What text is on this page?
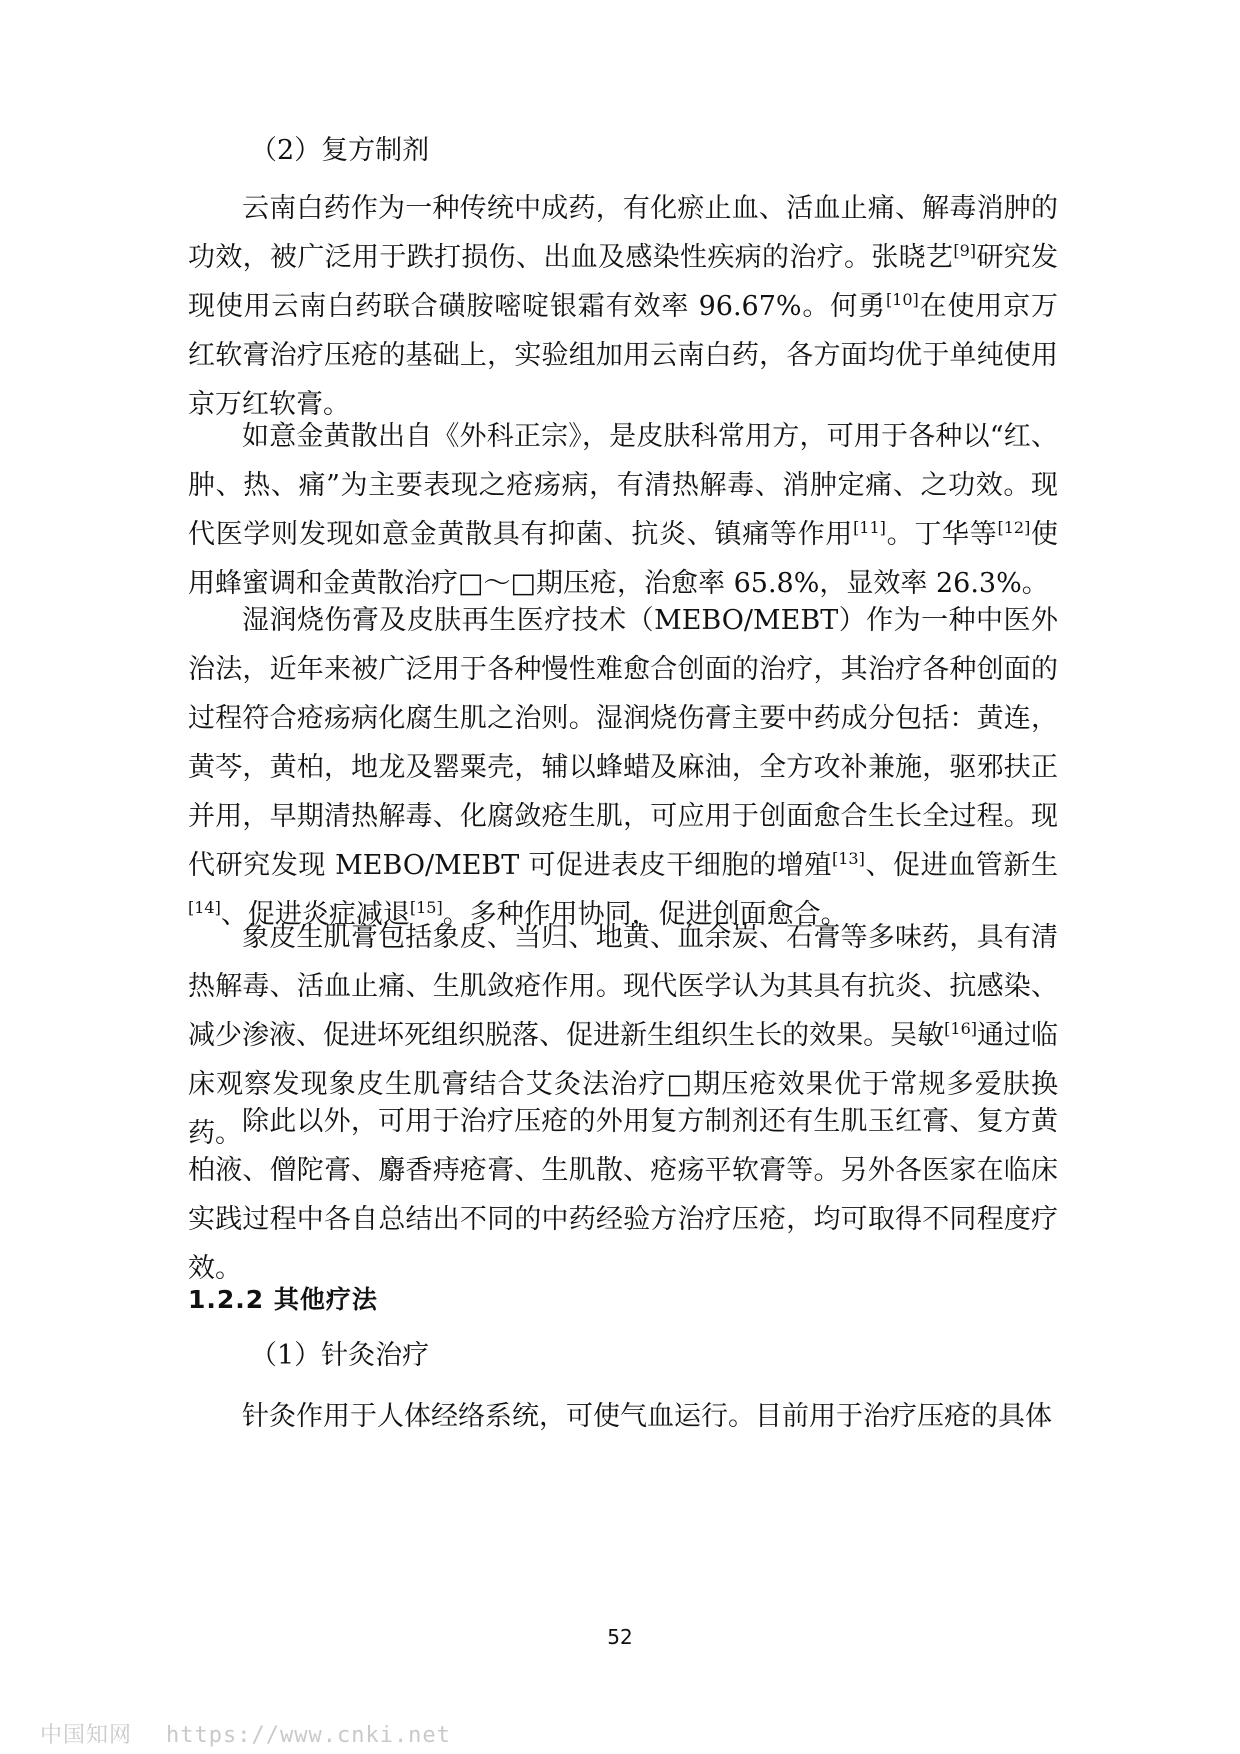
（2）复方制剂

云南白药作为一种传统中成药，有化瘀止血、活血止痛、解毒消肿的功效，被广泛用于跌打损伤、出血及感染性疾病的治疗。张晓艺[9]研究发现使用云南白药联合磺胺嘧啶银霜有效率 96.67%。何勇[10]在使用京万红软膏治疗压疮的基础上，实验组加用云南白药，各方面均优于单纯使用京万红软膏。

如意金黄散出自《外科正宗》，是皮肤科常用方，可用于各种以“红、肿、热、痛”为主要表现之疮疡病，有清热解毒、消肿定痛、之功效。现代医学则发现如意金黄散具有抑菌、抗炎、镇痛等作用[11]。丁华等[12]使用蜂蜜调和金黄散治疗□～□期压疮，治愈率 65.8%，显效率 26.3%。

湿润烧伤膏及皮肤再生医疗技术（MEBO/MEBT）作为一种中医外治法，近年来被广泛用于各种慢性难愈合创面的治疗，其治疗各种创面的过程符合疮疡病化腐生肌之治则。湿润烧伤膏主要中药成分包括：黄连，黄芩，黄柏，地龙及罂粟壳，辅以蜂蜡及麻油，全方攻补兼施，驱邪扶正并用，早期清热解毒、化腐敛疮生肌，可应用于创面愈合生长全过程。现代研究发现 MEBO/MEBT 可促进表皮干细胞的增殖[13]、促进血管新生[14]、促进炎症减退[15]。多种作用协同，促进创面愈合。

象皮生肌膏包括象皮、当归、地黄、血余炭、石膏等多味药，具有清热解毒、活血止痛、生肌敛疮作用。现代医学认为其具有抗炎、抗感染、减少渗液、促进坏死组织脱落、促进新生组织生长的效果。吴敏[16]通过临床观察发现象皮生肌膏结合艾灸法治疗□期压疮效果优于常规多爱肤换药。 除此以外，可用于治疗压疮的外用复方制剂还有生肌玉红膏、复方黄柏液、僧陀膏、麝香痔疮膏、生肌散、疮疡平软膏等。另外各医家在临床实践过程中各自总结出不同的中药经验方治疗压疮，均可取得不同程度疗效。

1.2.2 其他疗法

（1）针灸治疗

针灸作用于人体经络系统，可使气血运行。目前用于治疗压疮的具体

52
中国知网 https://www.cnki.net
